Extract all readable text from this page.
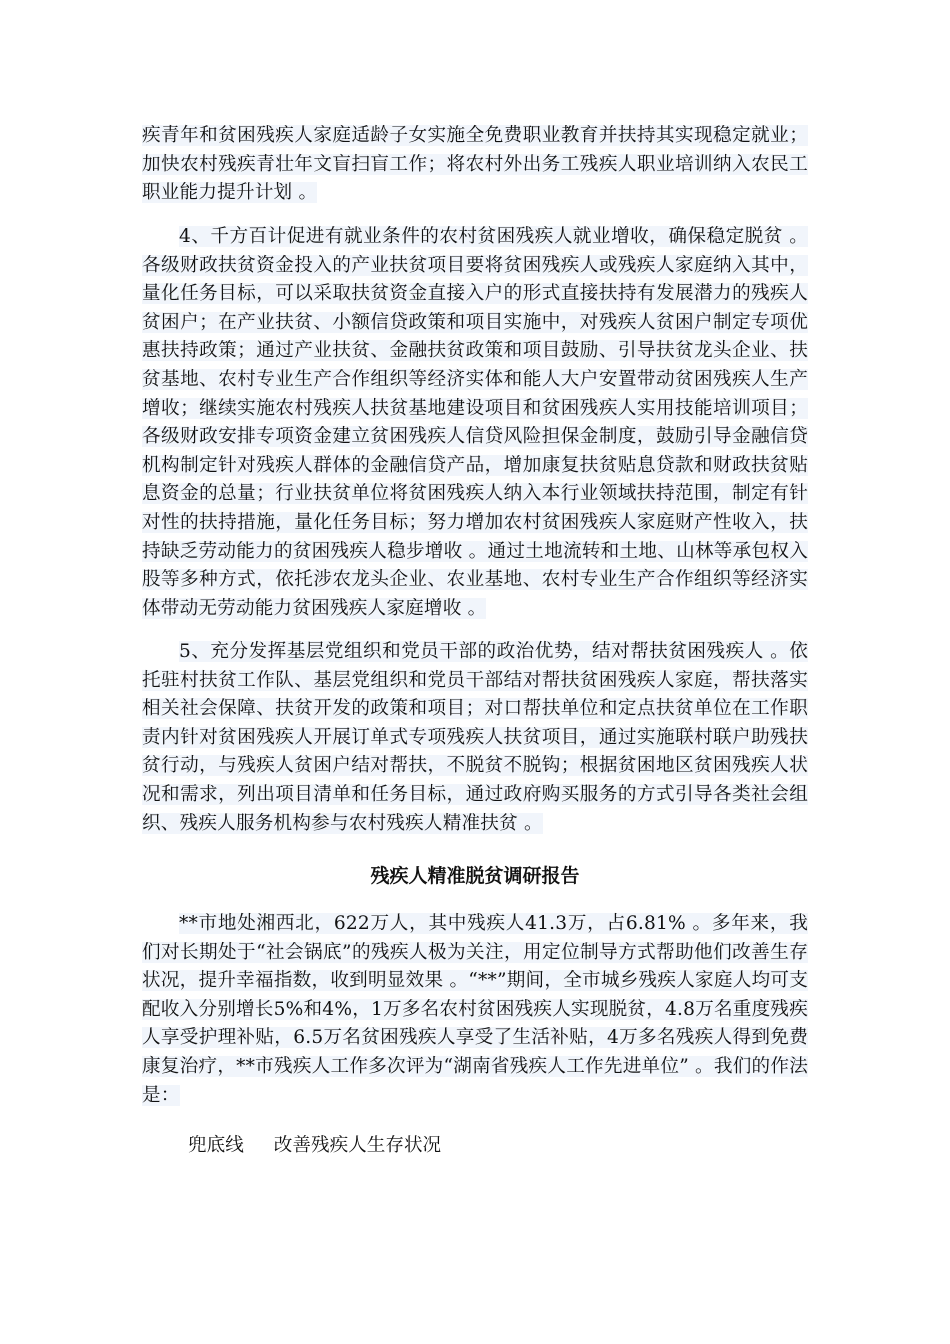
疾青年和贫困残疾人家庭适龄子女实施全免费职业教育并扶持其实现稳定就业；加快农村残疾青壮年文盲扫盲工作；将农村外出务工残疾人职业培训纳入农民工职业能力提升计划 。
4、千方百计促进有就业条件的农村贫困残疾人就业增收，确保稳定脱贫 。各级财政扶贫资金投入的产业扶贫项目要将贫困残疾人或残疾人家庭纳入其中，量化任务目标，可以采取扶贫资金直接入户的形式直接扶持有发展潜力的残疾人贫困户；在产业扶贫、小额信贷政策和项目实施中，对残疾人贫困户制定专项优惠扶持政策；通过产业扶贫、金融扶贫政策和项目鼓励、引导扶贫龙头企业、扶贫基地、农村专业生产合作组织等经济实体和能人大户安置带动贫困残疾人生产增收；继续实施农村残疾人扶贫基地建设项目和贫困残疾人实用技能培训项目；各级财政安排专项资金建立贫困残疾人信贷风险担保金制度，鼓励引导金融信贷机构制定针对残疾人群体的金融信贷产品，增加康复扶贫贴息贷款和财政扶贫贴息资金的总量；行业扶贫单位将贫困残疾人纳入本行业领域扶持范围，制定有针对性的扶持措施，量化任务目标；努力增加农村贫困残疾人家庭财产性收入，扶持缺乏劳动能力的贫困残疾人稳步增收 。通过土地流转和土地、山林等承包权入股等多种方式，依托涉农龙头企业、农业基地、农村专业生产合作组织等经济实体带动无劳动能力贫困残疾人家庭增收 。
5、充分发挥基层党组织和党员干部的政治优势，结对帮扶贫困残疾人 。依托驻村扶贫工作队、基层党组织和党员干部结对帮扶贫困残疾人家庭，帮扶落实相关社会保障、扶贫开发的政策和项目；对口帮扶单位和定点扶贫单位在工作职责内针对贫困残疾人开展订单式专项残疾人扶贫项目，通过实施联村联户助残扶贫行动，与残疾人贫困户结对帮扶，不脱贫不脱钩；根据贫困地区贫困残疾人状况和需求，列出项目清单和任务目标，通过政府购买服务的方式引导各类社会组织、残疾人服务机构参与农村残疾人精准扶贫 。
残疾人精准脱贫调研报告
**市地处湘西北，622万人，其中残疾人41.3万，占6.81% 。多年来，我们对长期处于“社会锅底”的残疾人极为关注，用定位制导方式帮助他们改善生存状况，提升幸福指数，收到明显效果 。“**”期间，全市城乡残疾人家庭人均可支配收入分别增长5%和4%，1万多名农村贫困残疾人实现脱贫，4.8万名重度残疾人享受护理补贴，6.5万名贫困残疾人享受了生活补贴，4万多名残疾人得到免费康复治疗，**市残疾人工作多次评为“湖南省残疾人工作先进单位” 。我们的作法是：
兜底线 改善残疾人生存状况
